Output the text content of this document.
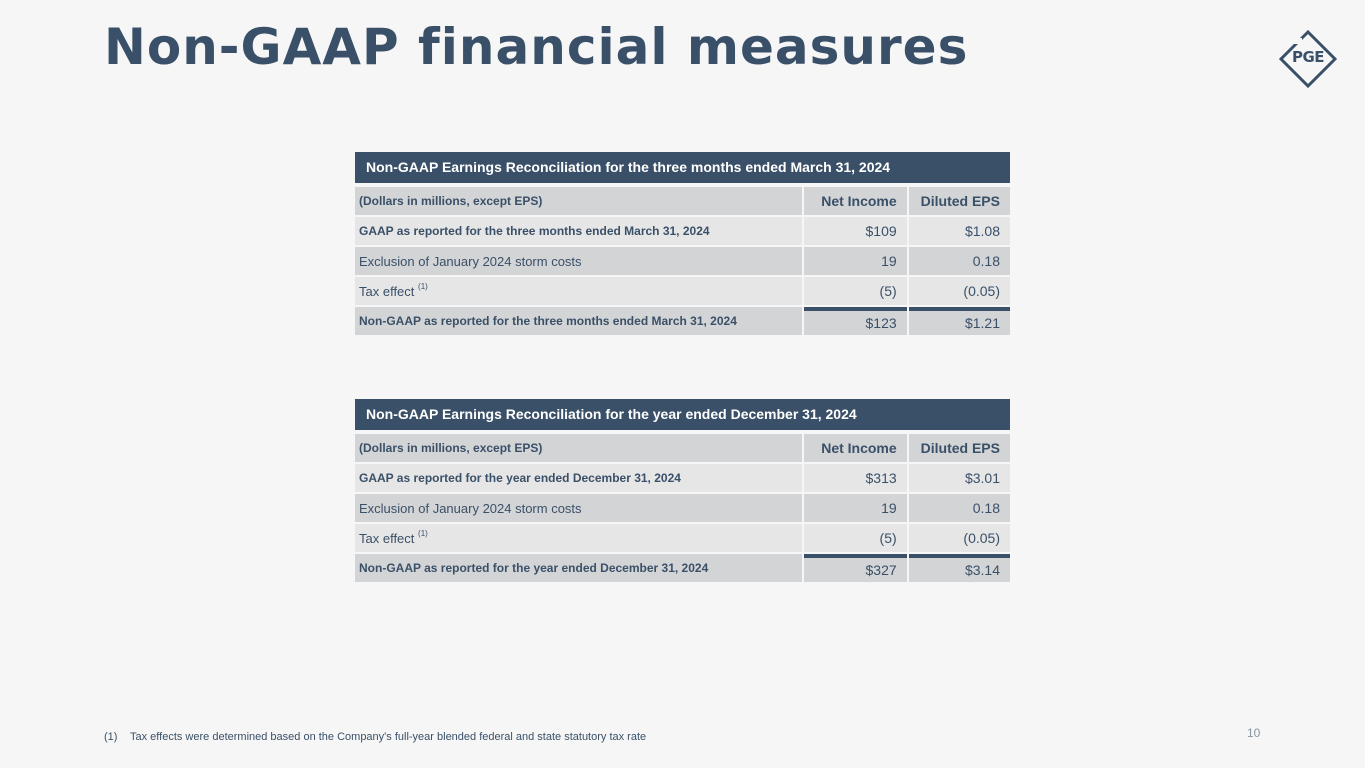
Non-GAAP financial measures	PGE
Non-GAAP Earnings Reconciliation for the three months ended March 31, 2024
(Dollars in millions, except EPS)	Net Income	Diluted EPS
GAAP as reported for the three months ended March 31, 2024	$109	$1.08
Exclusion of January 2024 storm costs	19	0.18
Tax effect $^{(1)}$	(5)	(0.05)
Non-GAAP as reported for the three months ended March 31, 2024	$123	$1.21
Non-GAAP Earnings Reconciliation for the year ended December 31, 2024
(Dollars in millions, except EPS)	Net Income	Diluted EPS
GAAP as reported for the year ended December 31, 2024	$313	$3.01
Exclusion of January 2024 storm costs	19	0.18
Tax effect $^{(1)}$	(5)	(0.05)
Non-GAAP as reported for the year ended December 31, 2024	$327	$3.14
(1) Tax effects were determined based on the Company's full-year blended federal and state statutory tax rate	10
